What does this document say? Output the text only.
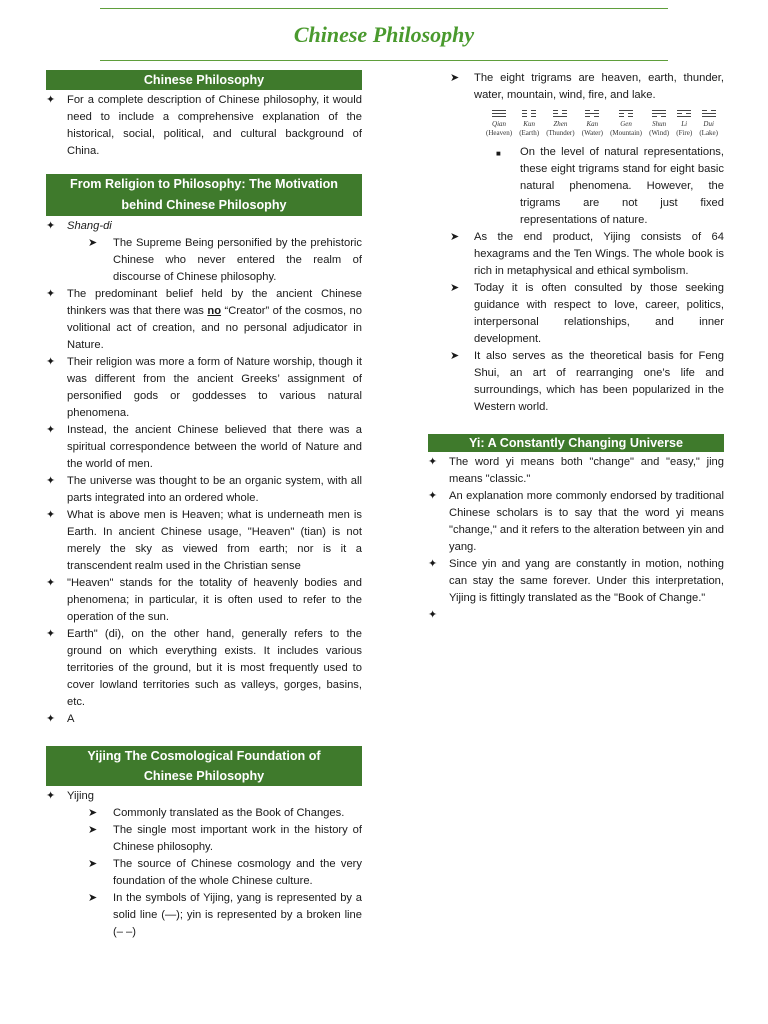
Chinese Philosophy
Chinese Philosophy
✦ For a complete description of Chinese philosophy, it would need to include a comprehensive explanation of the historical, social, political, and cultural background of China.
From Religion to Philosophy: The Motivation behind Chinese Philosophy
✦ Shang-di
➤ The Supreme Being personified by the prehistoric Chinese who never entered the realm of discourse of Chinese philosophy.
✦ The predominant belief held by the ancient Chinese thinkers was that there was no “Creator” of the cosmos, no volitional act of creation, and no personal adjudicator in Nature.
✦ Their religion was more a form of Nature worship, though it was different from the ancient Greeks’ assignment of personified gods or goddesses to various natural phenomena.
✦ Instead, the ancient Chinese believed that there was a spiritual correspondence between the world of Nature and the world of men.
✦ The universe was thought to be an organic system, with all parts integrated into an ordered whole.
✦ What is above men is Heaven; what is underneath men is Earth. In ancient Chinese usage, "Heaven" (tian) is not merely the sky as viewed from earth; nor is it a transcendent realm used in the Christian sense
✦ "Heaven" stands for the totality of heavenly bodies and phenomena; in particular, it is often used to refer to the operation of the sun.
✦ Earth" (di), on the other hand, generally refers to the ground on which everything exists. It includes various territories of the ground, but it is most frequently used to cover lowland territories such as valleys, gorges, basins, etc.
✦ A
Yijing The Cosmological Foundation of Chinese Philosophy
✦ Yijing
➤ Commonly translated as the Book of Changes.
➤ The single most important work in the history of Chinese philosophy.
➤ The source of Chinese cosmology and the very foundation of the whole Chinese culture.
➤ In the symbols of Yijing, yang is represented by a solid line (—); yin is represented by a broken line (– –)
➤ The eight trigrams are heaven, earth, thunder, water, mountain, wind, fire, and lake.
Qian
(Heaven)
Kun
(Earth)
Zhen
(Thunder)
Kan
(Water)
Gen
(Mountain)
Shun
(Wind)
Li
(Fire)
Dui
(Lake)
■ On the level of natural representations, these eight trigrams stand for eight basic natural phenomena. However, the trigrams are not just fixed representations of nature.
➤ As the end product, Yijing consists of 64 hexagrams and the Ten Wings. The whole book is rich in metaphysical and ethical symbolism.
➤ Today it is often consulted by those seeking guidance with respect to love, career, politics, interpersonal relationships, and inner development.
➤ It also serves as the theoretical basis for Feng Shui, an art of rearranging one’s life and surroundings, which has been popularized in the Western world.
Yi: A Constantly Changing Universe
✦ The word yi means both "change" and "easy," jing means "classic."
✦ An explanation more commonly endorsed by traditional Chinese scholars is to say that the word yi means "change," and it refers to the alteration between yin and yang.
✦ Since yin and yang are constantly in motion, nothing can stay the same forever. Under this interpretation, Yijing is fittingly translated as the "Book of Change."
✦
